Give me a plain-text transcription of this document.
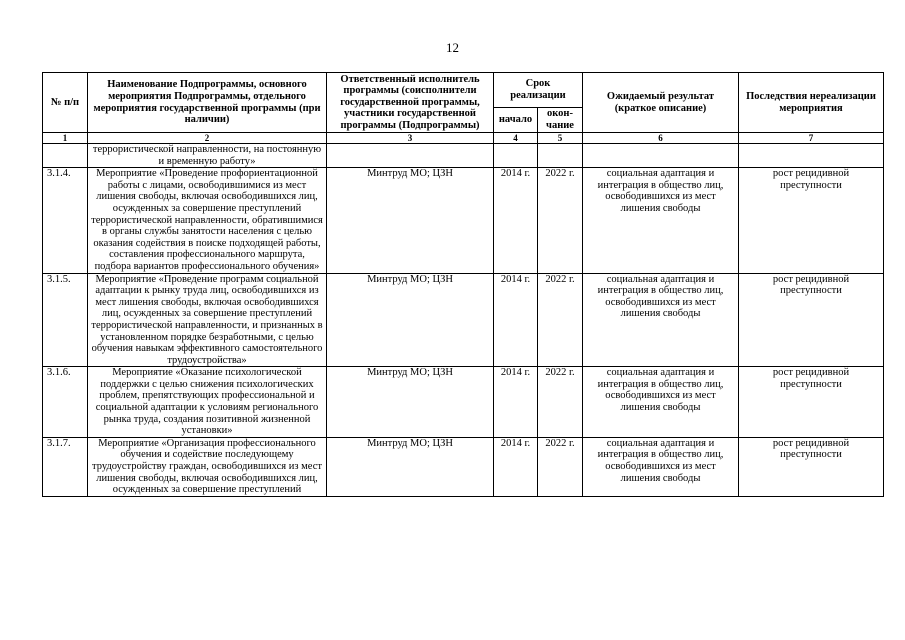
12
№ п/п	Наименование Подпрограммы, основного мероприятия Подпрограммы, отдельного мероприятия государственной программы (при наличии)	Ответственный исполнитель программы (соисполнители государственной программы, участники государственной программы (Подпрограммы)	Срок реализации		Ожидаемый результат (краткое описание)	Последствия нереализации мероприятия
			начало	окон-чание		
1	2	3	4	5	6	7
	террористической направленности, на постоянную и временную работу»					
3.1.4.	Мероприятие «Проведение профориентационной работы с лицами, освободившимися из мест лишения свободы, включая освободившихся лиц, осужденных за совершение преступлений террористической направленности, обратившимися в органы службы занятости населения с целью оказания содействия в поиске подходящей работы, составления профессионального маршрута, подбора вариантов профессионального обучения»	Минтруд МО; ЦЗН	2014 г.	2022 г.	социальная адаптация и интеграция в общество лиц, освободившихся из мест лишения свободы	рост рецидивной преступности
3.1.5.	Мероприятие «Проведение программ социальной адаптации к рынку труда лиц, освободившихся из мест лишения свободы, включая освободившихся лиц, осужденных за совершение преступлений террористической направленности, и признанных в установленном порядке безработными, с целью обучения навыкам эффективного самостоятельного трудоустройства»	Минтруд МО; ЦЗН	2014 г.	2022 г.	социальная адаптация и интеграция в общество лиц, освободившихся из мест лишения свободы	рост рецидивной преступности
3.1.6.	Мероприятие «Оказание психологической поддержки с целью снижения психологических проблем, препятствующих профессиональной и социальной адаптации к условиям регионального рынка труда, создания позитивной жизненной установки»	Минтруд МО; ЦЗН	2014 г.	2022 г.	социальная адаптация и интеграция в общество лиц, освободившихся из мест лишения свободы	рост рецидивной преступности
3.1.7.	Мероприятие «Организация профессионального обучения и содействие последующему трудоустройству граждан, освободившихся из мест лишения свободы, включая освободившихся лиц, осужденных за совершение преступлений	Минтруд МО; ЦЗН	2014 г.	2022 г.	социальная адаптация и интеграция в общество лиц, освободившихся из мест лишения свободы	рост рецидивной преступности
